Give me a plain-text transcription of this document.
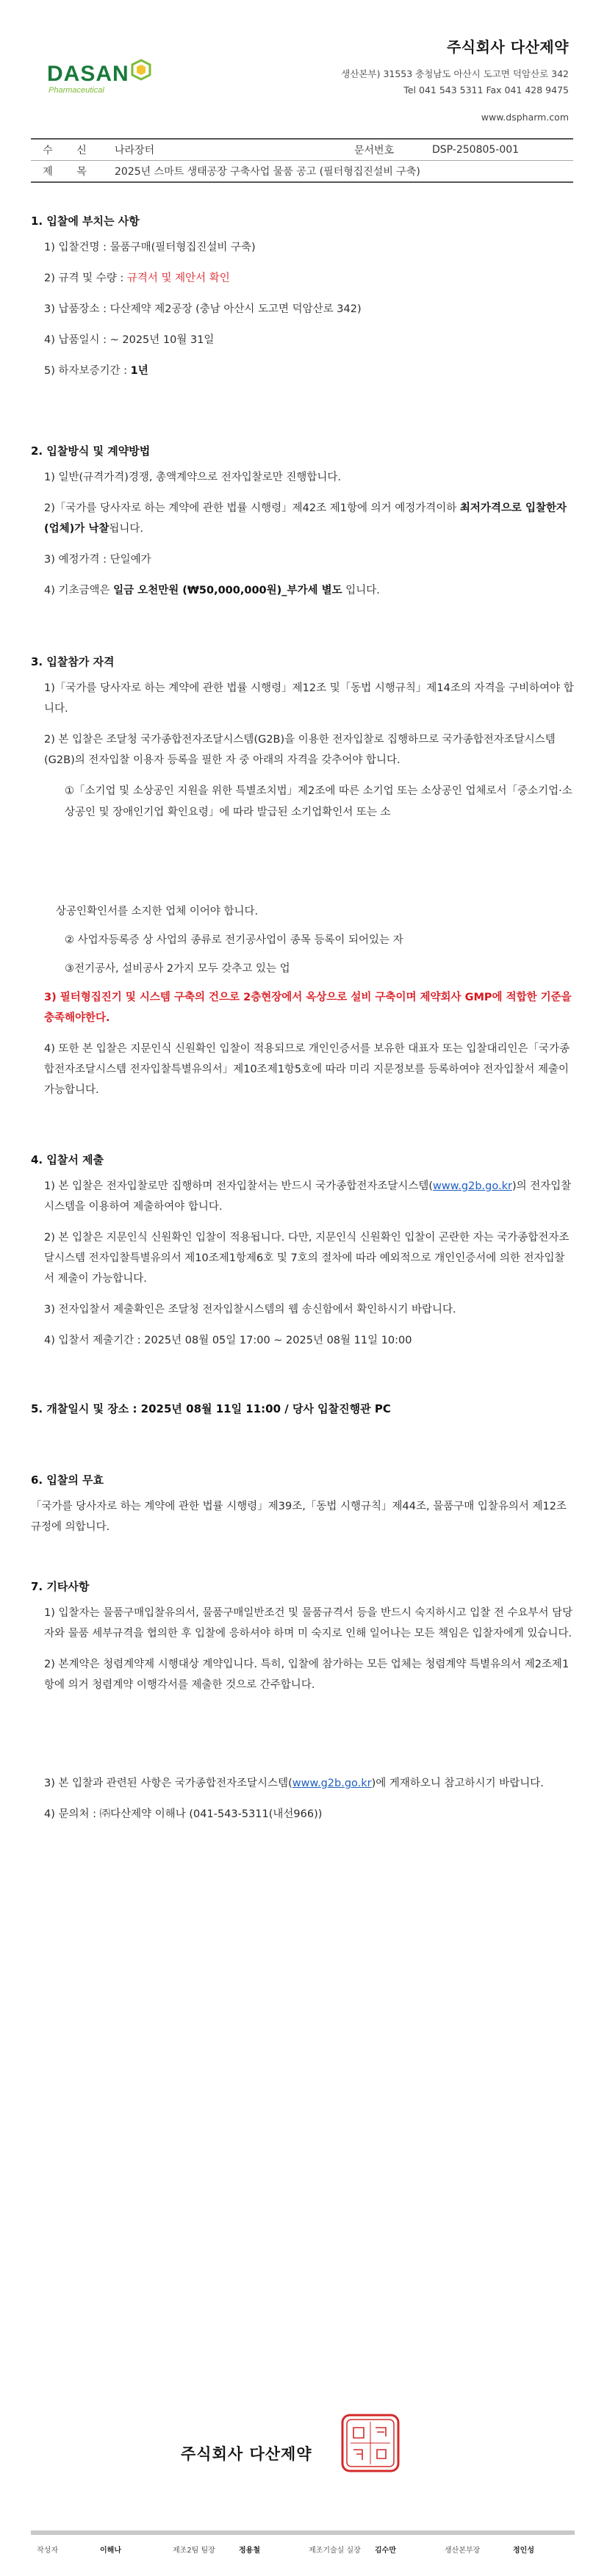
DASAN
Pharmaceutical
주식회사 다산제약
생산본부) 31553 충청남도 아산시 도고면 덕암산로 342
Tel 041 543 5311 Fax 041 428 9475
www.dspharm.com
수 신	나라장터	문서번호	DSP-250805-001
제 목	2025년 스마트 생태공장 구축사업 물품 공고 (필터형집진설비 구축)		
1. 입찰에 부치는 사항
1) 입찰건명 : 물품구매(필터형집진설비 구축)
2) 규격 및 수량 : 규격서 및 제안서 확인
3) 납품장소 : 다산제약 제2공장 (충남 아산시 도고면 덕암산로 342)
4) 납품일시 : ~ 2025년 10월 31일
5) 하자보증기간 : 1년
2. 입찰방식 및 계약방법
1) 일반(규격가격)경쟁, 총액계약으로 전자입찰로만 진행합니다.
2)「국가를 당사자로 하는 계약에 관한 법률 시행령」제42조 제1항에 의거 예정가격이하 최저가격으로 입찰한자(업체)가 낙찰됩니다.
3) 예정가격 : 단일예가
4) 기초금액은 일금 오천만원 (₩50,000,000원)_부가세 별도 입니다.
3. 입찰참가 자격
1)「국가를 당사자로 하는 계약에 관한 법률 시행령」제12조 및「동법 시행규칙」제14조의 자격을 구비하여야 합니다.
2) 본 입찰은 조달청 국가종합전자조달시스템(G2B)을 이용한 전자입찰로 집행하므로 국가종합전자조달시스템(G2B)의 전자입찰 이용자 등록을 필한 자 중 아래의 자격을 갖추어야 합니다.
①「소기업 및 소상공인 지원을 위한 특별조치법」제2조에 따른 소기업 또는 소상공인 업체로서「중소기업·소상공인 및 장애인기업 확인요령」에 따라 발급된 소기업확인서 또는 소
상공인확인서를 소지한 업체 이어야 합니다.
② 사업자등록증 상 사업의 종류로 전기공사업이 종목 등록이 되어있는 자
③전기공사, 설비공사 2가지 모두 갖추고 있는 업
3) 필터형집진기 및 시스템 구축의 건으로 2층현장에서 옥상으로 설비 구축이며 제약회사 GMP에 적합한 기준을 충족해야한다.
4) 또한 본 입찰은 지문인식 신원확인 입찰이 적용되므로 개인인증서를 보유한 대표자 또는 입찰대리인은「국가종합전자조달시스템 전자입찰특별유의서」제10조제1항5호에 따라 미리 지문정보를 등록하여야 전자입찰서 제출이 가능합니다.
4. 입찰서 제출
1) 본 입찰은 전자입찰로만 집행하며 전자입찰서는 반드시 국가종합전자조달시스템(www.g2b.go.kr)의 전자입찰시스템을 이용하여 제출하여야 합니다.
2) 본 입찰은 지문인식 신원확인 입찰이 적용됩니다. 다만, 지문인식 신원확인 입찰이 곤란한 자는 국가종합전자조달시스템 전자입찰특별유의서 제10조제1항제6호 및 7호의 절차에 따라 예외적으로 개인인증서에 의한 전자입찰서 제출이 가능합니다.
3) 전자입찰서 제출확인은 조달청 전자입찰시스템의 웹 송신함에서 확인하시기 바랍니다.
4) 입찰서 제출기간 : 2025년 08월 05일 17:00 ~ 2025년 08월 11일 10:00
5. 개찰일시 및 장소 : 2025년 08월 11일 11:00 / 당사 입찰진행관 PC
6. 입찰의 무효
「국가를 당사자로 하는 계약에 관한 법률 시행령」제39조,「동법 시행규칙」제44조, 물품구매 입찰유의서 제12조 규정에 의합니다.
7. 기타사항
1) 입찰자는 물품구매입찰유의서, 물품구매일반조건 및 물품규격서 등을 반드시 숙지하시고 입찰 전 수요부서 담당자와 물품 세부규격을 협의한 후 입찰에 응하셔야 하며 미 숙지로 인해 일어나는 모든 책임은 입찰자에게 있습니다.
2) 본계약은 청렴계약제 시행대상 계약입니다. 특히, 입찰에 참가하는 모든 업체는 청렴계약 특별유의서 제2조제1항에 의거 청렴계약 이행각서를 제출한 것으로 간주합니다.
3) 본 입찰과 관련된 사항은 국가종합전자조달시스템(www.g2b.go.kr)에 게재하오니 참고하시기 바랍니다.
4) 문의처 : ㈜다산제약 이해나 (041-543-5311(내선966))
주식회사 다산제약
작성자	이해나	제조2팀 팀장	정용철	제조기술실 실장 김수만	생산본부장	정인성
